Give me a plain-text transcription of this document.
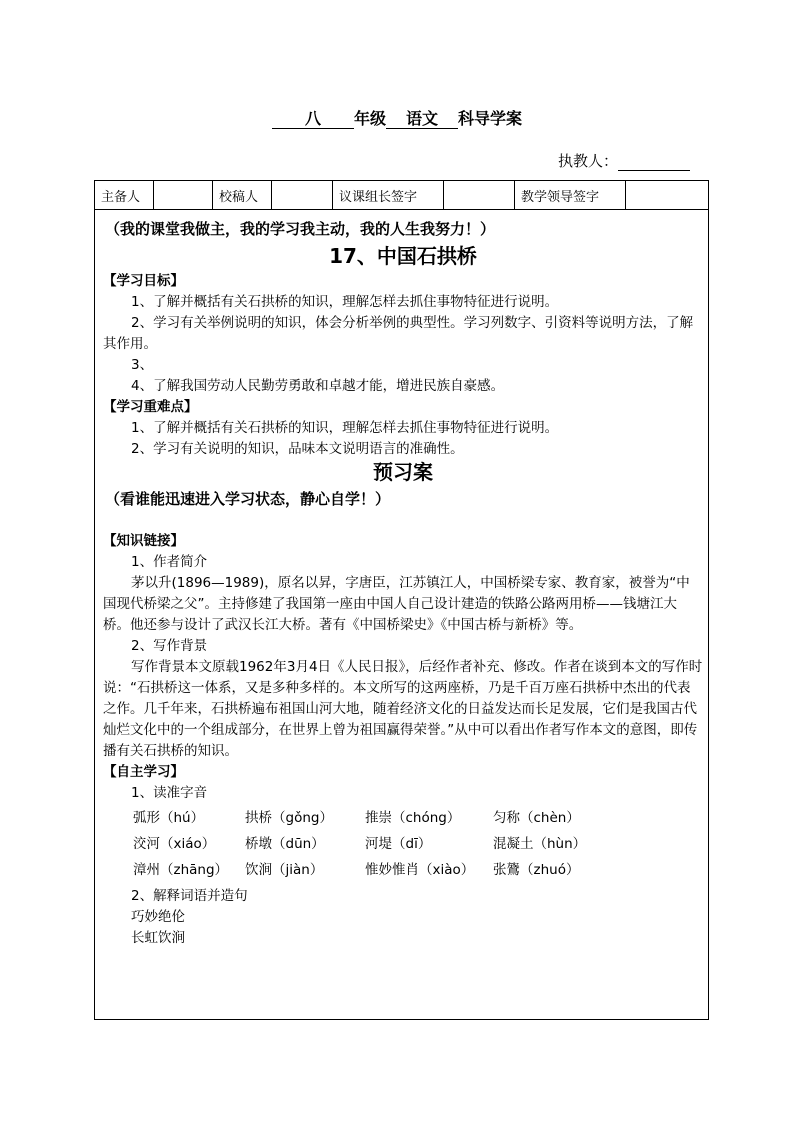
八 年级 语文 科导学案
执教人：
主备人		校稿人		议课组长签字		教学领导签字	
（我的课堂我做主，我的学习我主动，我的人生我努力！）
17、中国石拱桥
【学习目标】

1、了解并概括有关石拱桥的知识，理解怎样去抓住事物特征进行说明。

2、学习有关举例说明的知识，体会分析举例的典型性。学习列数字、引资料等说明方法，了解其作用。

3、

4、了解我国劳动人民勤劳勇敢和卓越才能，增进民族自豪感。

【学习重难点】

1、了解并概括有关石拱桥的知识，理解怎样去抓住事物特征进行说明。

2、学习有关说明的知识，品味本文说明语言的准确性。

预习案
（看谁能迅速进入学习状态，静心自学！）
【知识链接】

1、作者简介

茅以升(1896—1989)，原名以昇，字唐臣，江苏镇江人，中国桥梁专家、教育家，被誉为“中国现代桥梁之父”。主持修建了我国第一座由中国人自己设计建造的铁路公路两用桥——钱塘江大桥。他还参与设计了武汉长江大桥。著有《中国桥梁史》《中国古桥与新桥》等。

2、写作背景

写作背景本文原载1962年3月4日《人民日报》，后经作者补充、修改。作者在谈到本文的写作时说：“石拱桥这一体系，又是多种多样的。本文所写的这两座桥，乃是千百万座石拱桥中杰出的代表之作。几千年来，石拱桥遍布祖国山河大地，随着经济文化的日益发达而长足发展，它们是我国古代灿烂文化中的一个组成部分，在世界上曾为祖国赢得荣誉。”从中可以看出作者写作本文的意图，即传播有关石拱桥的知识。

【自主学习】

1、读准字音

弧形（hú）	拱桥（gǒng） 推崇（chóng） 匀称（chèn）
洨河（xiáo） 桥墩（dūn）	河堤（dī）	混凝土（hùn）
漳州（zhāng） 饮涧（jiàn）	惟妙惟肖（xiào） 张鷟（zhuó）

2、解释词语并造句

巧妙绝伦

长虹饮涧
